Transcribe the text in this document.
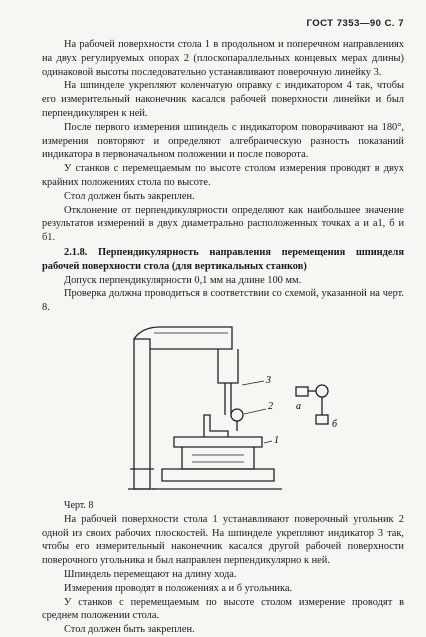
ГОСТ 7353—90 С. 7

На рабочей поверхности стола 1 в продольном и поперечном направлениях на двух регулируемых опорах 2 (плоскопараллельных концевых мерах длины) одинаковой высоты последовательно устанавливают поверочную линейку 3.

На шпинделе укрепляют коленчатую оправку с индикатором 4 так, чтобы его измерительный наконечник касался рабочей поверхности линейки и был перпендикулярен к ней.

После первого измерения шпиндель с индикатором поворачивают на 180°, измерения повторяют и определяют алгебраическую разность показаний индикатора в первоначальном положении и после поворота.

У станков с перемещаемым по высоте столом измерения проводят в двух крайних положениях стола по высоте.

Стол должен быть закреплен.

Отклонение от перпендикулярности определяют как наибольшее значение результатов измерений в двух диаметрально расположенных точках a и a1, б и б1.

2.1.8. Перпендикулярность направления перемещения шпинделя рабочей поверхности стола (для вертикальных станков)

Допуск перпендикулярности 0,1 мм на длине 100 мм.

Проверка должна проводиться в соответствии со схемой, указанной на черт. 8.

3
2
1
a
б

Черт. 8

На рабочей поверхности стола 1 устанавливают поверочный угольник 2 одной из своих рабочих плоскостей. На шпинделе укрепляют индикатор 3 так, чтобы его измерительный наконечник касался другой рабочей поверхности поверочного угольника и был направлен перпендикулярно к ней.

Шпиндель перемещают на длину хода.

Измерения проводят в положениях a и б угольника.

У станков с перемещаемым по высоте столом измерение проводят в среднем положении стола.

Стол должен быть закреплен.
